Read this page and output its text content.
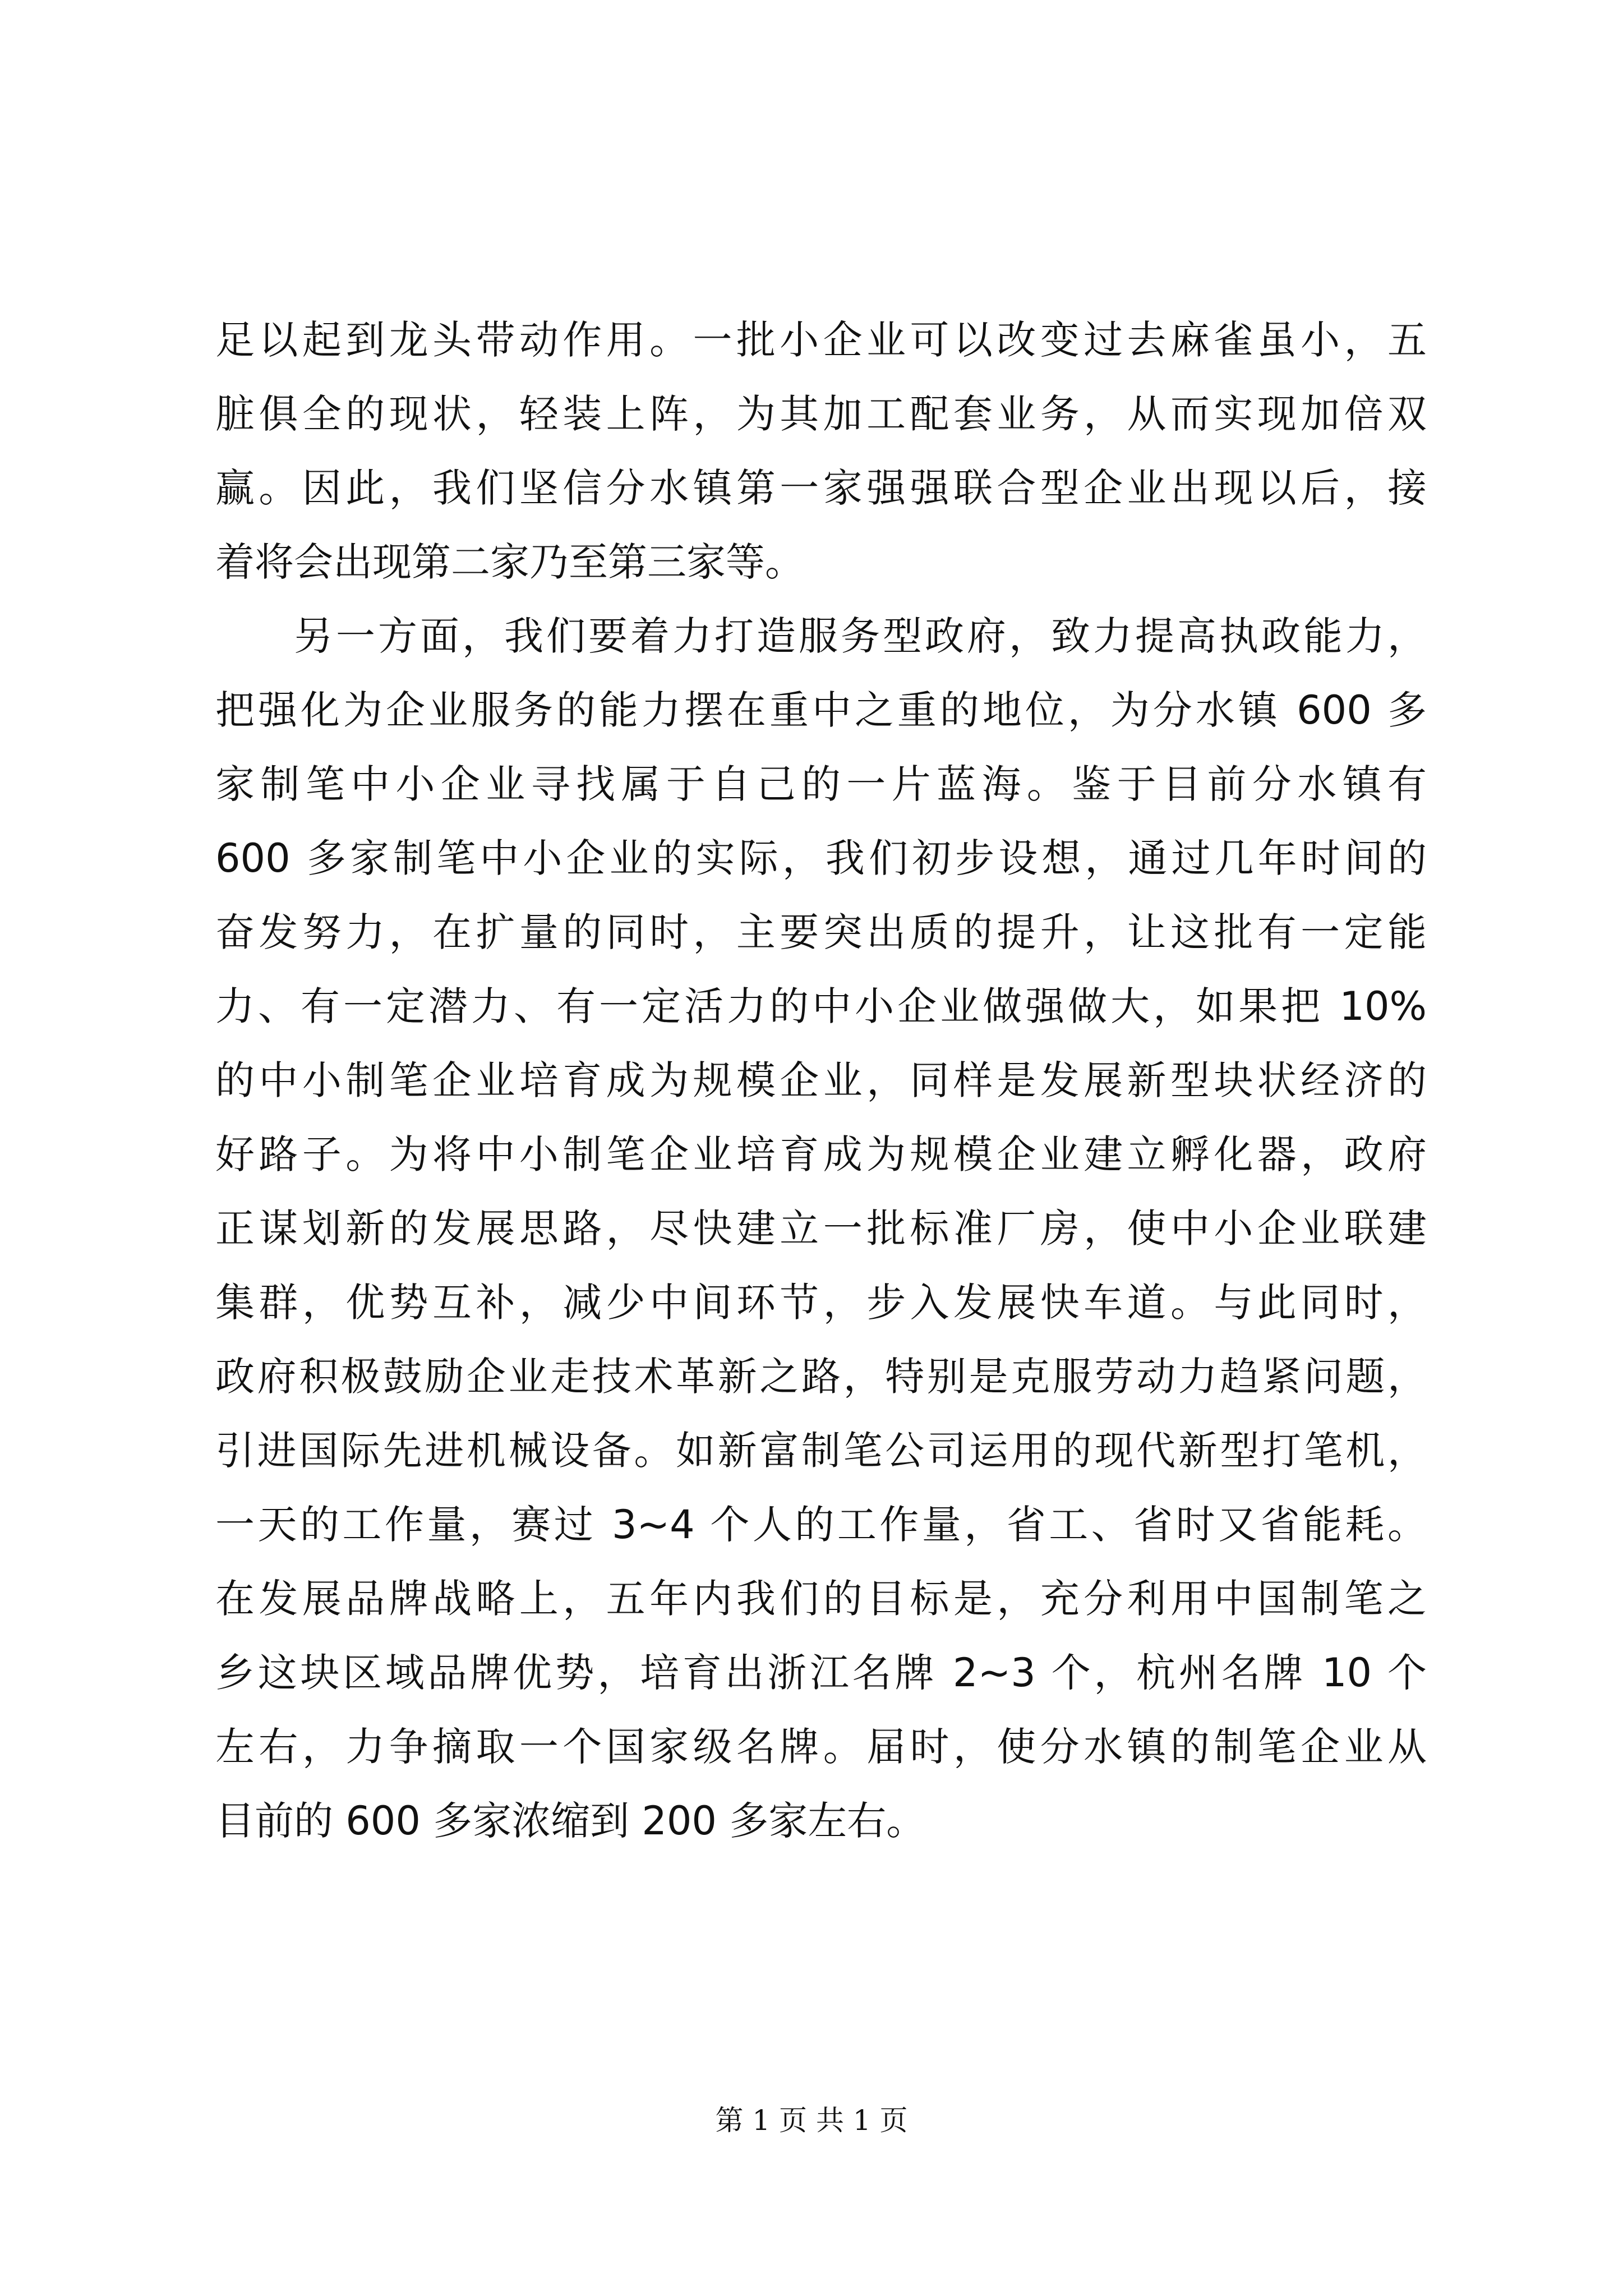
足以起到龙头带动作用。一批小企业可以改变过去麻雀虽小，五
脏俱全的现状，轻装上阵，为其加工配套业务，从而实现加倍双
赢。因此，我们坚信分水镇第一家强强联合型企业出现以后，接
着将会出现第二家乃至第三家等。
另一方面，我们要着力打造服务型政府，致力提高执政能力，
把强化为企业服务的能力摆在重中之重的地位，为分水镇 600 多
家制笔中小企业寻找属于自己的一片蓝海。鉴于目前分水镇有
600 多家制笔中小企业的实际，我们初步设想，通过几年时间的
奋发努力，在扩量的同时，主要突出质的提升，让这批有一定能
力、有一定潜力、有一定活力的中小企业做强做大，如果把 10%
的中小制笔企业培育成为规模企业，同样是发展新型块状经济的
好路子。为将中小制笔企业培育成为规模企业建立孵化器，政府
正谋划新的发展思路，尽快建立一批标准厂房，使中小企业联建
集群，优势互补，减少中间环节，步入发展快车道。与此同时，
政府积极鼓励企业走技术革新之路，特别是克服劳动力趋紧问题，
引进国际先进机械设备。如新富制笔公司运用的现代新型打笔机，
一天的工作量，赛过 3~4 个人的工作量，省工、省时又省能耗。
在发展品牌战略上，五年内我们的目标是，充分利用中国制笔之
乡这块区域品牌优势，培育出浙江名牌 2~3 个，杭州名牌 10 个
左右，力争摘取一个国家级名牌。届时，使分水镇的制笔企业从
目前的 600 多家浓缩到 200 多家左右。
第 1 页 共 1 页
